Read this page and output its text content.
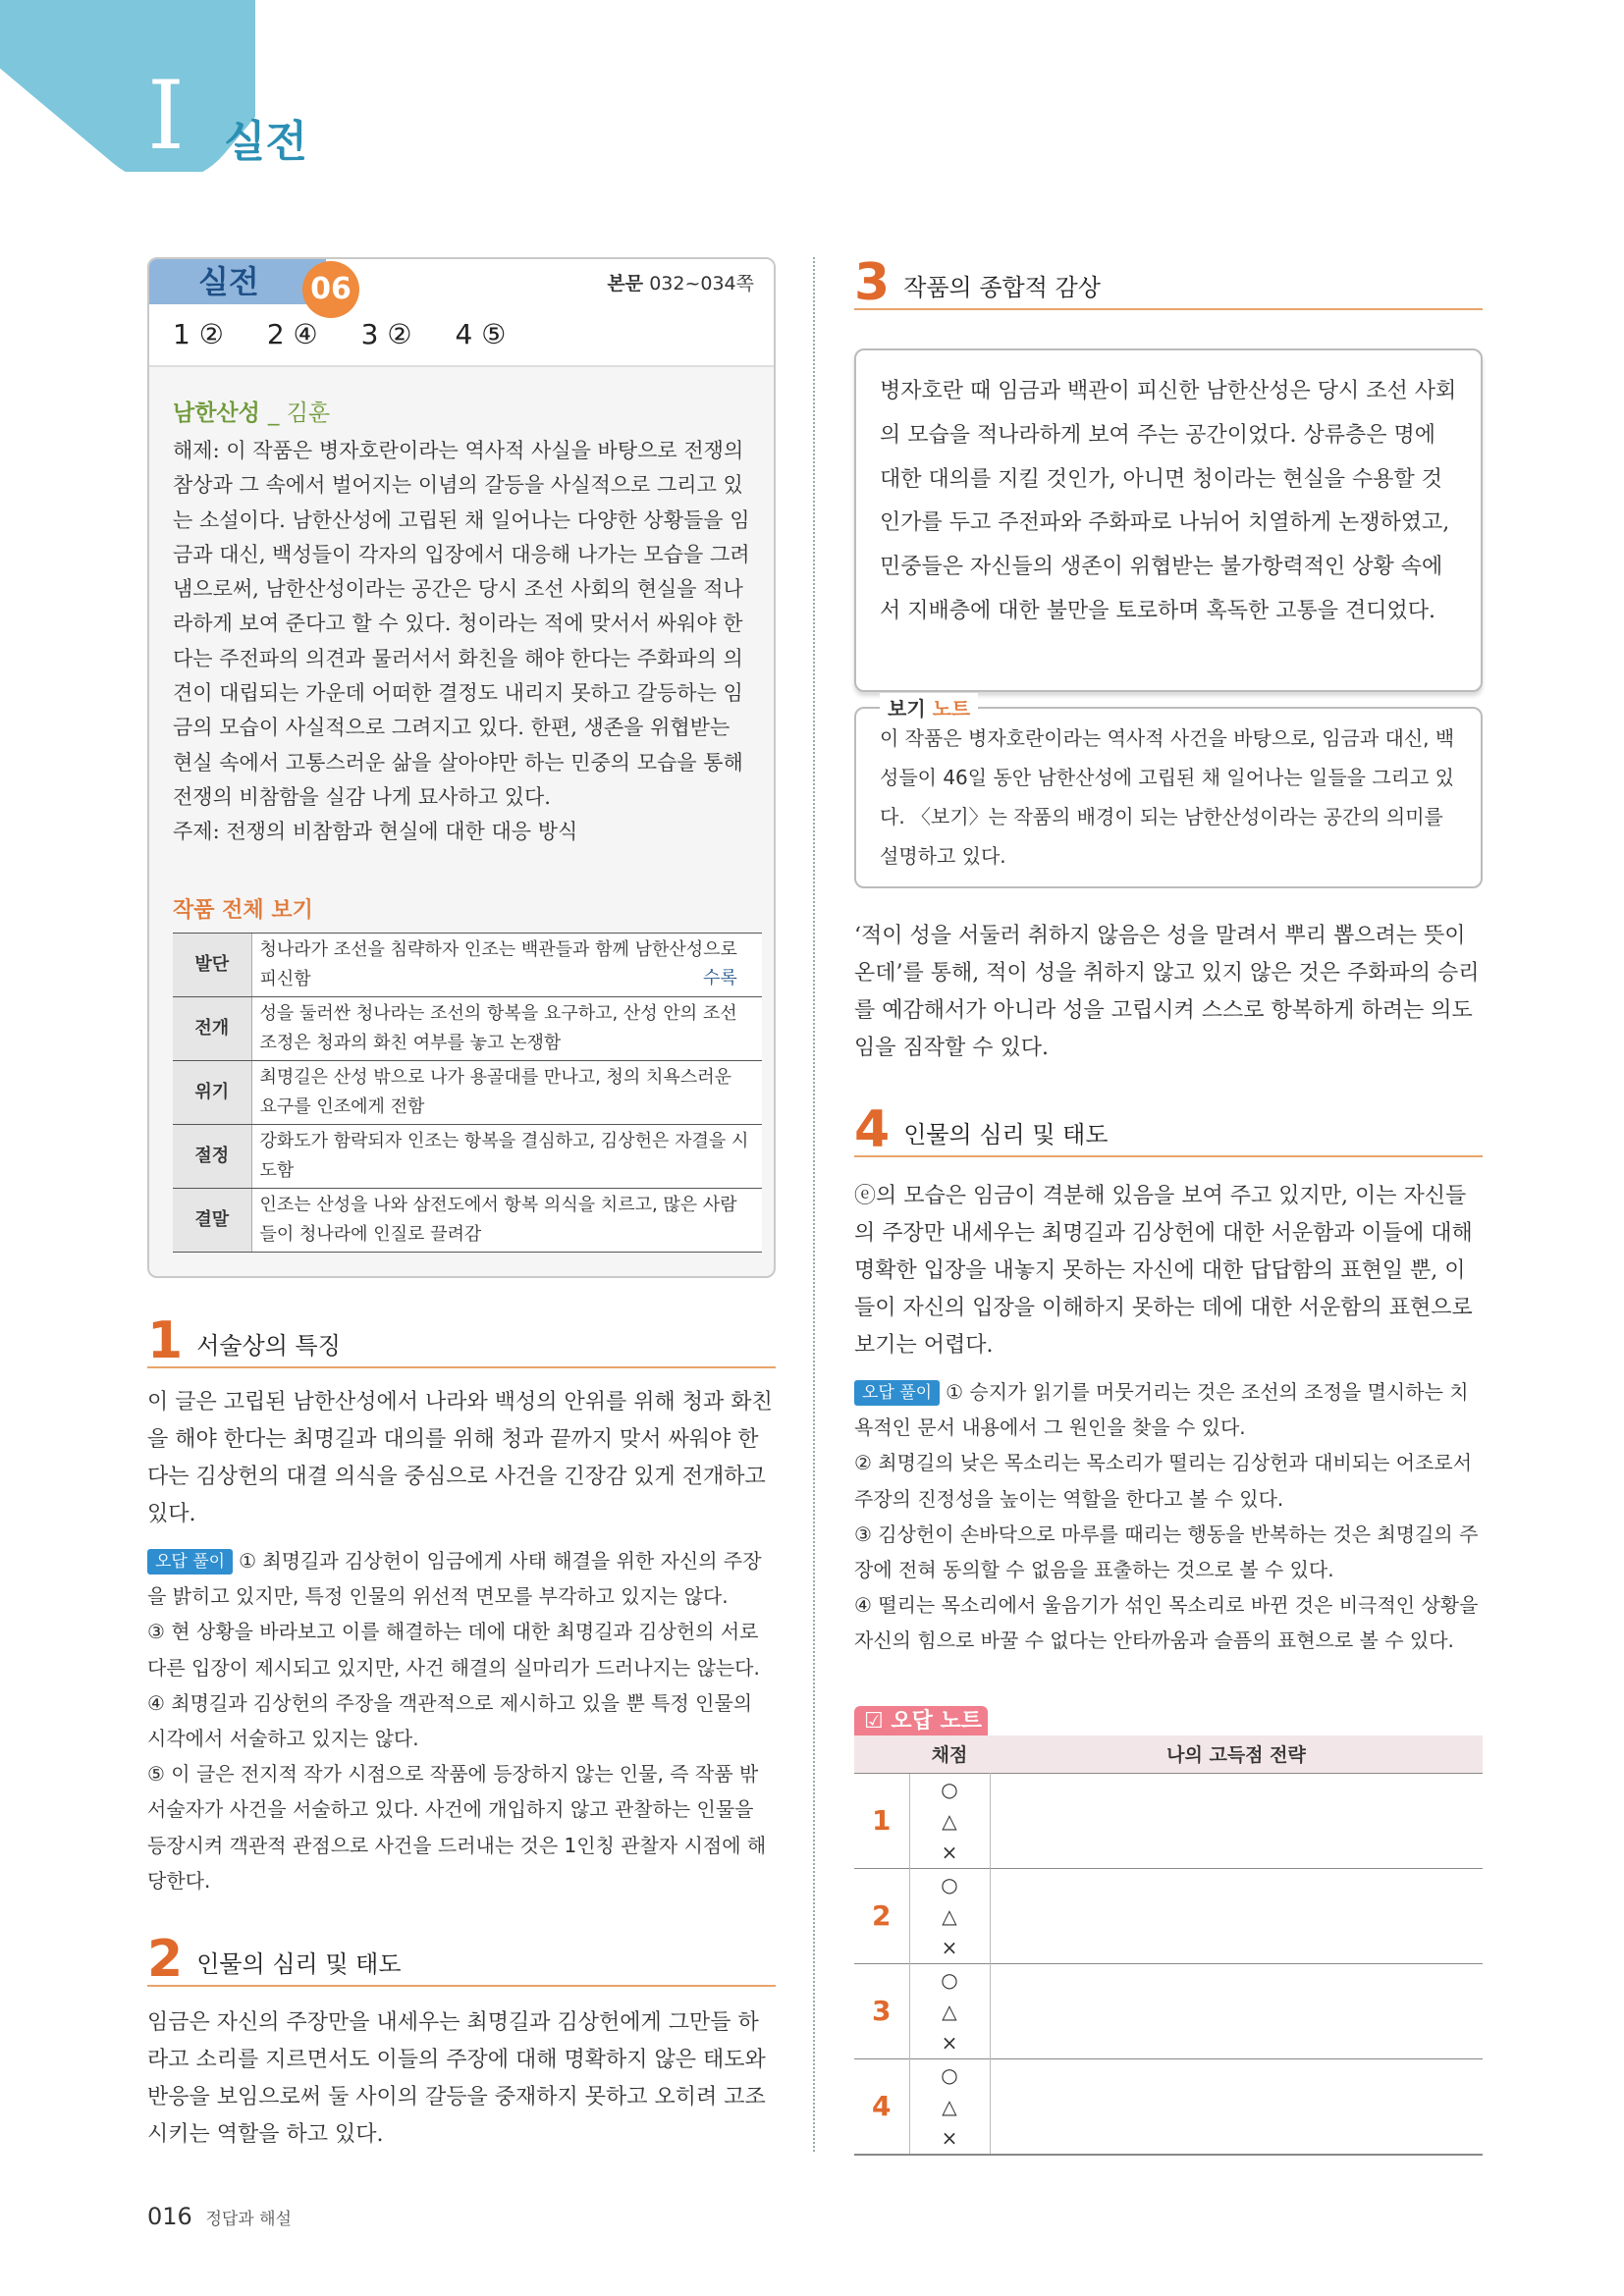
I 실전
실전	06	본문 032~034쪽
1 ② 2 ④ 3 ② 4 ⑤
남한산성 _ 김훈

해제: 이 작품은 병자호란이라는 역사적 사실을 바탕으로 전쟁의 참상과 그 속에서 벌어지는 이념의 갈등을 사실적으로 그리고 있는 소설이다. 남한산성에 고립된 채 일어나는 다양한 상황들을 임금과 대신, 백성들이 각자의 입장에서 대응해 나가는 모습을 그려 냄으로써, 남한산성이라는 공간은 당시 조선 사회의 현실을 적나라하게 보여 준다고 할 수 있다. 청이라는 적에 맞서서 싸워야 한다는 주전파의 의견과 물러서서 화친을 해야 한다는 주화파의 의견이 대립되는 가운데 어떠한 결정도 내리지 못하고 갈등하는 임금의 모습이 사실적으로 그려지고 있다. 한편, 생존을 위협받는 현실 속에서 고통스러운 삶을 살아야만 하는 민중의 모습을 통해 전쟁의 비참함을 실감 나게 묘사하고 있다.

주제: 전쟁의 비참함과 현실에 대한 대응 방식

작품 전체 보기
발단	청나라가 조선을 침략하자 인조는 백관들과 함께 남한산성으로 피신함
전개	성을 둘러싼 청나라는 조선의 항복을 요구하고, 산성 안의 조선 조정은 청과의 화친 여부를 놓고 논쟁함
위기	최명길은 산성 밖으로 나가 용골대를 만나고, 청의 치욕스러운 요구를 인조에게 전함
절정	강화도가 함락되자 인조는 항복을 결심하고, 김상헌은 자결을 시도함
결말	인조는 산성을 나와 삼전도에서 항복 의식을 치르고, 많은 사람들이 청나라에 인질로 끌려감
수록
1 서술상의 특징
이 글은 고립된 남한산성에서 나라와 백성의 안위를 위해 청과 화친을 해야 한다는 최명길과 대의를 위해 청과 끝까지 맞서 싸워야 한다는 김상헌의 대결 의식을 중심으로 사건을 긴장감 있게 전개하고 있다.

오답 풀이 ① 최명길과 김상헌이 임금에게 사태 해결을 위한 자신의 주장을 밝히고 있지만, 특정 인물의 위선적 면모를 부각하고 있지는 않다.

③ 현 상황을 바라보고 이를 해결하는 데에 대한 최명길과 김상헌의 서로 다른 입장이 제시되고 있지만, 사건 해결의 실마리가 드러나지는 않는다.

④ 최명길과 김상헌의 주장을 객관적으로 제시하고 있을 뿐 특정 인물의 시각에서 서술하고 있지는 않다.

⑤ 이 글은 전지적 작가 시점으로 작품에 등장하지 않는 인물, 즉 작품 밖 서술자가 사건을 서술하고 있다. 사건에 개입하지 않고 관찰하는 인물을 등장시켜 객관적 관점으로 사건을 드러내는 것은 1인칭 관찰자 시점에 해당한다.

2 인물의 심리 및 태도
임금은 자신의 주장만을 내세우는 최명길과 김상헌에게 그만들 하라고 소리를 지르면서도 이들의 주장에 대해 명확하지 않은 태도와 반응을 보임으로써 둘 사이의 갈등을 중재하지 못하고 오히려 고조시키는 역할을 하고 있다.
3 작품의 종합적 감상

병자호란 때 임금과 백관이 피신한 남한산성은 당시 조선 사회의 모습을 적나라하게 보여 주는 공간이었다. 상류층은 명에 대한 대의를 지킬 것인가, 아니면 청이라는 현실을 수용할 것인가를 두고 주전파와 주화파로 나뉘어 치열하게 논쟁하였고, 민중들은 자신들의 생존이 위협받는 불가항력적인 상황 속에서 지배층에 대한 불만을 토로하며 혹독한 고통을 견디었다.

보기 노트
이 작품은 병자호란이라는 역사적 사건을 바탕으로, 임금과 대신, 백성들이 46일 동안 남한산성에 고립된 채 일어나는 일들을 그리고 있다. 〈보기〉는 작품의 배경이 되는 남한산성이라는 공간의 의미를 설명하고 있다.
‘적이 성을 서둘러 취하지 않음은 성을 말려서 뿌리 뽑으려는 뜻이온데’를 통해, 적이 성을 취하지 않고 있지 않은 것은 주화파의 승리를 예감해서가 아니라 성을 고립시켜 스스로 항복하게 하려는 의도임을 짐작할 수 있다.
4 인물의 심리 및 태도
ⓔ의 모습은 임금이 격분해 있음을 보여 주고 있지만, 이는 자신들의 주장만 내세우는 최명길과 김상헌에 대한 서운함과 이들에 대해 명확한 입장을 내놓지 못하는 자신에 대한 답답함의 표현일 뿐, 이들이 자신의 입장을 이해하지 못하는 데에 대한 서운함의 표현으로 보기는 어렵다.

오답 풀이 ① 승지가 읽기를 머뭇거리는 것은 조선의 조정을 멸시하는 치욕적인 문서 내용에서 그 원인을 찾을 수 있다.

② 최명길의 낮은 목소리는 목소리가 떨리는 김상헌과 대비되는 어조로서 주장의 진정성을 높이는 역할을 한다고 볼 수 있다.

③ 김상헌이 손바닥으로 마루를 때리는 행동을 반복하는 것은 최명길의 주장에 전혀 동의할 수 없음을 표출하는 것으로 볼 수 있다.

④ 떨리는 목소리에서 울음기가 섞인 목소리로 바뀐 것은 비극적인 상황을 자신의 힘으로 바꿀 수 없다는 안타까움과 슬픔의 표현으로 볼 수 있다.

☑ 오답 노트
	채점	나의 고득점 전략
1	○
△
×	

2	○
△
×	

3	○
△
×	

4	○
△
×	

016 정답과 해설
